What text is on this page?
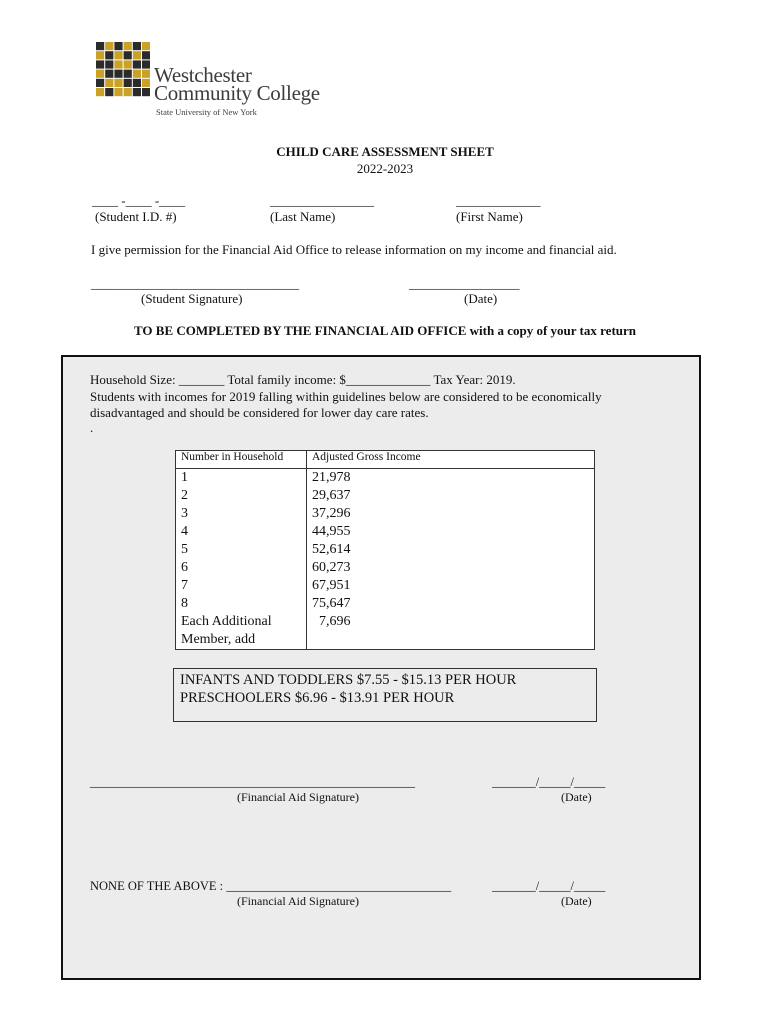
Westchester
Community College
State University of New York
CHILD CARE ASSESSMENT SHEET
2022-2023
____ -____ -____
(Student I.D. #)
________________
(Last Name)
_____________
(First Name)
I give permission for the Financial Aid Office to release information on my income and financial aid.
________________________________
(Student Signature)
_________________
(Date)
TO BE COMPLETED BY THE FINANCIAL AID OFFICE with a copy of your tax return
Household Size: _______ Total family income: $_____________ Tax Year: 2019.
Students with incomes for 2019 falling within guidelines below are considered to be economically
disadvantaged and should be considered for lower day care rates.
.
Number in Household	Adjusted Gross Income
1	21,978
2	29,637
3	37,296
4	44,955
5	52,614
6	60,273
7	67,951
8	75,647

Each Additional
Member, add	7,696
INFANTS AND TODDLERS $7.55 - $15.13 PER HOUR
PRESCHOOLERS $6.96 - $13.91 PER HOUR
____________________________________________________
(Financial Aid Signature)
_______/_____/_____
(Date)
NONE OF THE ABOVE : ____________________________________
(Financial Aid Signature)
_______/_____/_____
(Date)
